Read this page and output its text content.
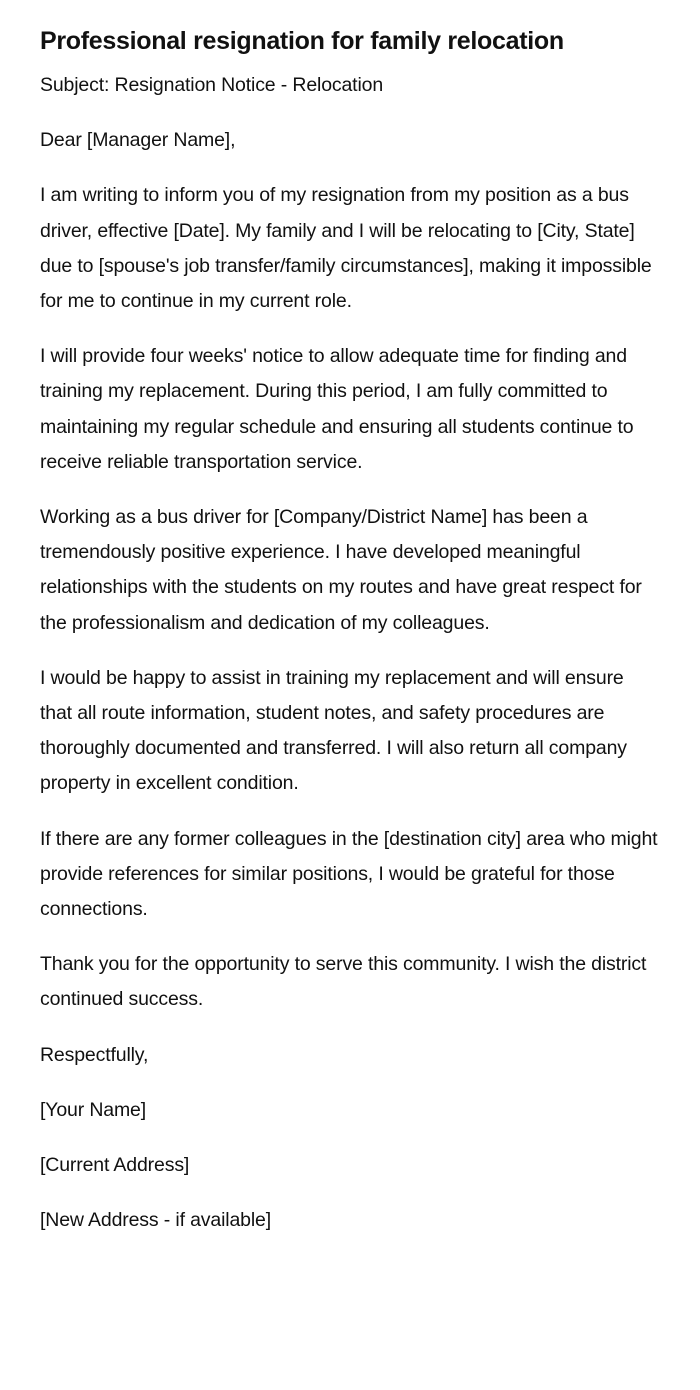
Professional resignation for family relocation

Subject: Resignation Notice - Relocation

Dear [Manager Name],

I am writing to inform you of my resignation from my position as a bus driver, effective [Date]. My family and I will be relocating to [City, State] due to [spouse's job transfer/family circumstances], making it impossible for me to continue in my current role.

I will provide four weeks' notice to allow adequate time for finding and training my replacement. During this period, I am fully committed to maintaining my regular schedule and ensuring all students continue to receive reliable transportation service.

Working as a bus driver for [Company/District Name] has been a tremendously positive experience. I have developed meaningful relationships with the students on my routes and have great respect for the professionalism and dedication of my colleagues.

I would be happy to assist in training my replacement and will ensure that all route information, student notes, and safety procedures are thoroughly documented and transferred. I will also return all company property in excellent condition.

If there are any former colleagues in the [destination city] area who might provide references for similar positions, I would be grateful for those connections.

Thank you for the opportunity to serve this community. I wish the district continued success.

Respectfully,

[Your Name]

[Current Address]

[New Address - if available]
